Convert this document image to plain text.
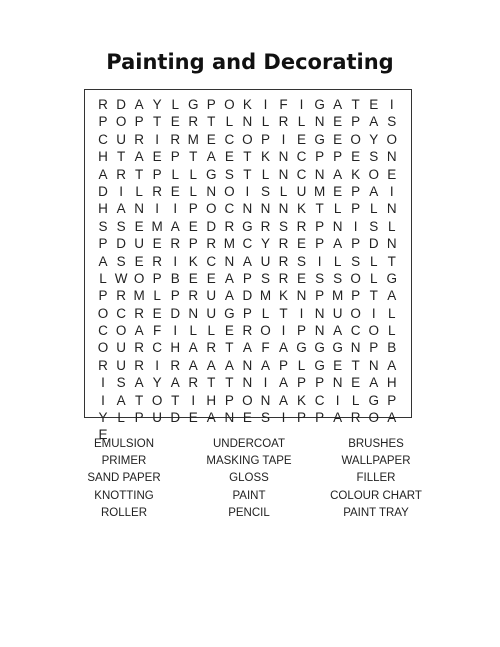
Painting and Decorating
R D A Y L G P O K I F I G A T E I
P O P T E R T L N L R L N E P A S
C U R I R M E C O P I E G E O Y O
H T A E P T A E T K N C P P E S N
A R T P L L G S T L N C N A K O E
D I L R E L N O I S L U M E P A I
H A N I	I P O C N N N K T L P L N
S S E M A E D R G R S R P N I S L
P D U E R P R M C Y R E P A P D N
A S E R I K C N A U R S I L S L T
L W O P B E E A P S R E S S O L G
P R M L P R U A D M K N P M P T A
O C R E D N U G P L T I N U O I L
C O A F I L L E R O I P N A C O L
O U R C H A R T A F A G G G N P B
R U R I R A A A N A P L G E T N A
I S A Y A R T T N I A P P N E A H
I A T O T I H P O N A K C I L G P
Y L P U D E A N E S I P P A R O A
E
EMULSION
PRIMER
SAND PAPER
KNOTTING
ROLLER
UNDERCOAT
MASKING TAPE
GLOSS
PAINT
PENCIL
BRUSHES
WALLPAPER
FILLER
COLOUR CHART
PAINT TRAY
